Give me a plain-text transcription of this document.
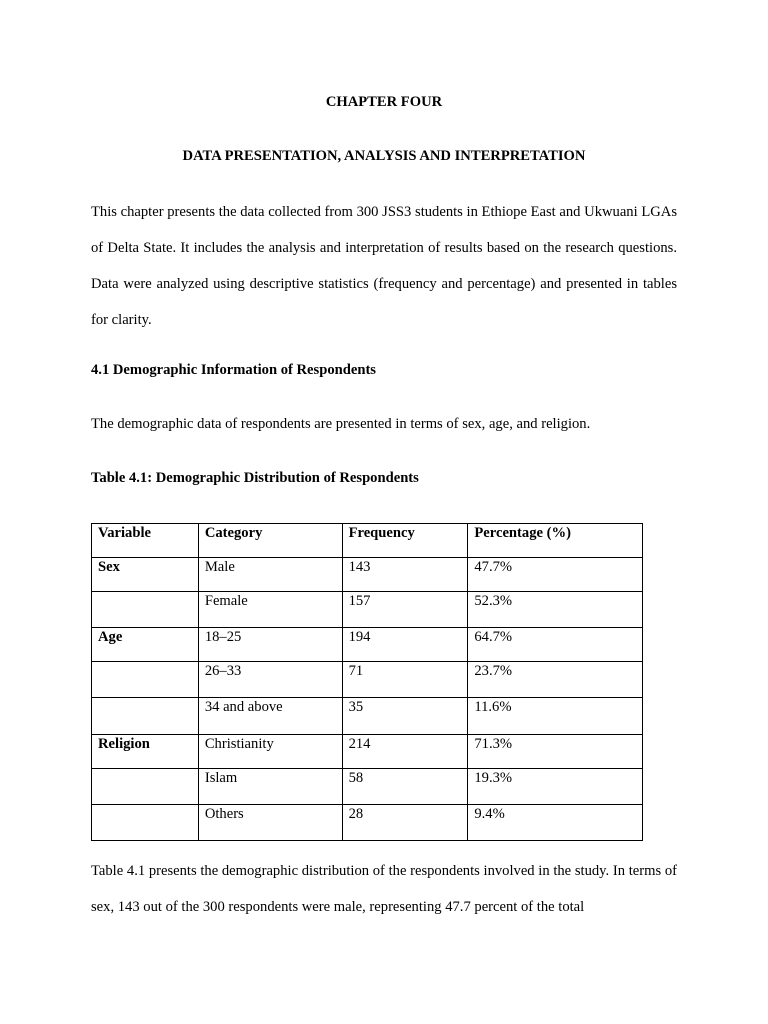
CHAPTER FOUR
DATA PRESENTATION, ANALYSIS AND INTERPRETATION
This chapter presents the data collected from 300 JSS3 students in Ethiope East and Ukwuani LGAs of Delta State. It includes the analysis and interpretation of results based on the research questions. Data were analyzed using descriptive statistics (frequency and percentage) and presented in tables for clarity.
4.1 Demographic Information of Respondents
The demographic data of respondents are presented in terms of sex, age, and religion.
Table 4.1: Demographic Distribution of Respondents
Variable	Category	Frequency	Percentage (%)
Sex	Male	143	47.7%
	Female	157	52.3%
Age	18–25	194	64.7%
	26–33	71	23.7%
	34 and above	35	11.6%
Religion	Christianity	214	71.3%
	Islam	58	19.3%
	Others	28	9.4%
Table 4.1 presents the demographic distribution of the respondents involved in the study. In terms of sex, 143 out of the 300 respondents were male, representing 47.7 percent of the total
